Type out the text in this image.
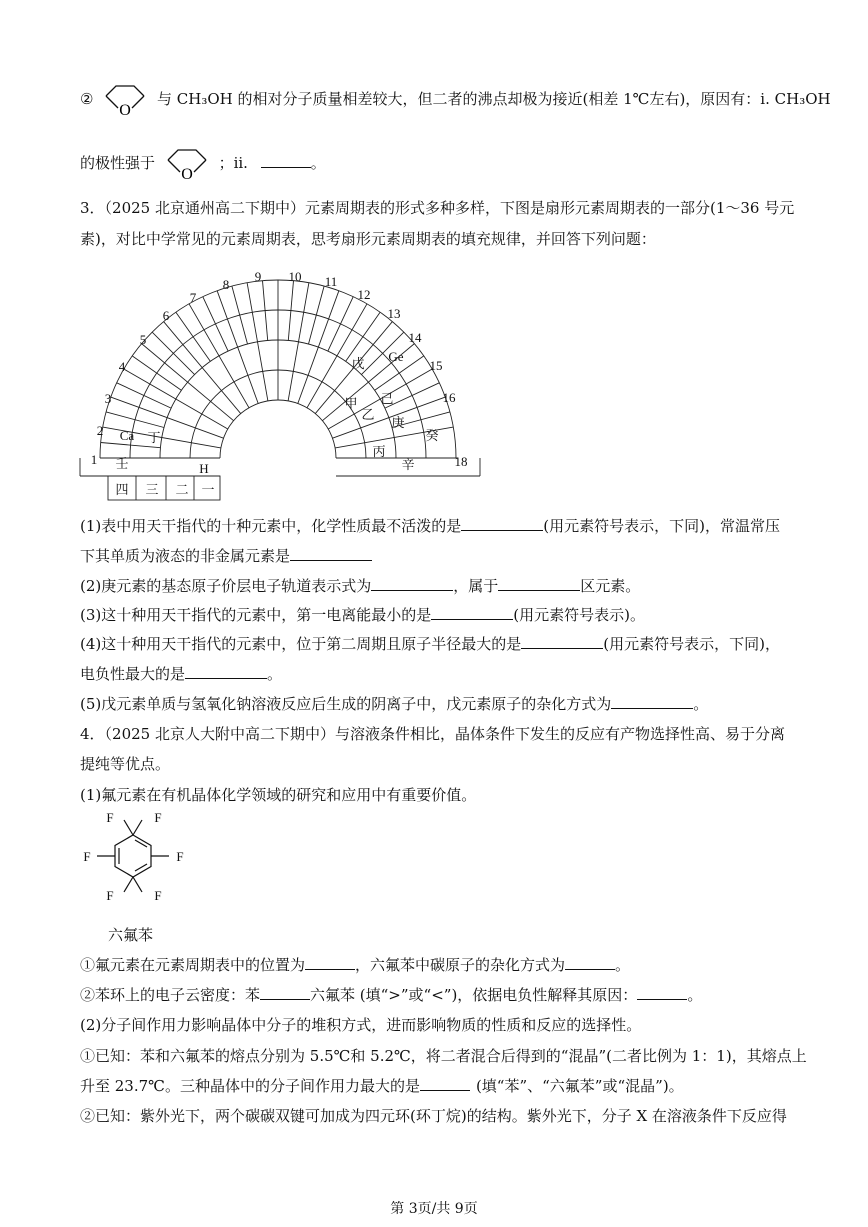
②
O
与 CH₃OH 的相对分子质量相差较大，但二者的沸点却极为接近(相差 1℃左右)，原因有：i. CH₃OH
的极性强于
O
；ii.	。
3．（2025 北京通州高二下期中）元素周期表的形式多种多样，下图是扇形元素周期表的一部分(1～36 号元
素)，对比中学常见的元素周期表，思考扇形元素周期表的填充规律，并回答下列问题：
1
2
3
4
5
6
7
8
9 10 11
12
13
14
15
16
18
Ca 丁
H
壬
甲
乙
己
戊 Ge
庚
癸
丙
辛
四 三 二 一
(1)表中用天干指代的十种元素中，化学性质最不活泼的是	(用元素符号表示，下同)，常温常压
下其单质为液态的非金属元素是
(2)庚元素的基态原子价层电子轨道表示式为	，属于	区元素。
(3)这十种用天干指代的元素中，第一电离能最小的是	(用元素符号表示)。
(4)这十种用天干指代的元素中，位于第二周期且原子半径最大的是	(用元素符号表示，下同)，
电负性最大的是	。
(5)戊元素单质与氢氧化钠溶液反应后生成的阴离子中，戊元素原子的杂化方式为	。
4．（2025 北京人大附中高二下期中）与溶液条件相比，晶体条件下发生的反应有产物选择性高、易于分离
提纯等优点。
(1)氟元素在有机晶体化学领域的研究和应用中有重要价值。
F	F
F	F
F	F
六氟苯
①氟元素在元素周期表中的位置为	，六氟苯中碳原子的杂化方式为	。
②苯环上的电子云密度：苯	六氟苯 (填“>”或“<”)，依据电负性解释其原因：	。
(2)分子间作用力影响晶体中分子的堆积方式，进而影响物质的性质和反应的选择性。
①已知：苯和六氟苯的熔点分别为 5.5℃和 5.2℃，将二者混合后得到的“混晶”(二者比例为 1：1)，其熔点上
升至 23.7℃。三种晶体中的分子间作用力最大的是	(填“苯”、“六氟苯”或“混晶”)。
②已知：紫外光下，两个碳碳双键可加成为四元环(环丁烷)的结构。紫外光下，分子 X 在溶液条件下反应得
第 3页/共 9页
